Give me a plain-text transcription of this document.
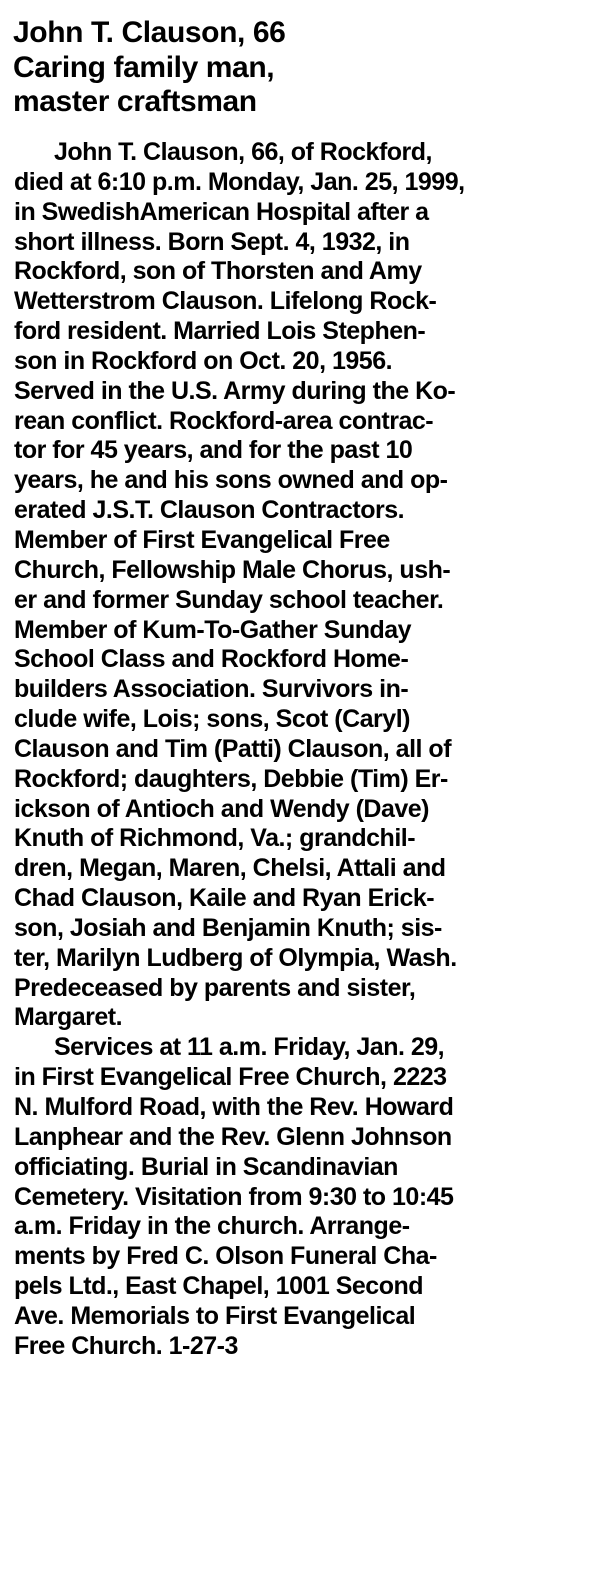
John T. Clauson, 66
Caring family man,
master craftsman

John T. Clauson, 66, of Rockford,
died at 6:10 p.m. Monday, Jan. 25, 1999,
in SwedishAmerican Hospital after a
short illness. Born Sept. 4, 1932, in
Rockford, son of Thorsten and Amy
Wetterstrom Clauson. Lifelong Rock-
ford resident. Married Lois Stephen-
son in Rockford on Oct. 20, 1956.
Served in the U.S. Army during the Ko-
rean conflict. Rockford-area contrac-
tor for 45 years, and for the past 10
years, he and his sons owned and op-
erated J.S.T. Clauson Contractors.
Member of First Evangelical Free
Church, Fellowship Male Chorus, ush-
er and former Sunday school teacher.
Member of Kum-To-Gather Sunday
School Class and Rockford Home-
builders Association. Survivors in-
clude wife, Lois; sons, Scot (Caryl)
Clauson and Tim (Patti) Clauson, all of
Rockford; daughters, Debbie (Tim) Er-
ickson of Antioch and Wendy (Dave)
Knuth of Richmond, Va.; grandchil-
dren, Megan, Maren, Chelsi, Attali and
Chad Clauson, Kaile and Ryan Erick-
son, Josiah and Benjamin Knuth; sis-
ter, Marilyn Ludberg of Olympia, Wash.
Predeceased by parents and sister,
Margaret.

Services at 11 a.m. Friday, Jan. 29,
in First Evangelical Free Church, 2223
N. Mulford Road, with the Rev. Howard
Lanphear and the Rev. Glenn Johnson
officiating. Burial in Scandinavian
Cemetery. Visitation from 9:30 to 10:45
a.m. Friday in the church. Arrange-
ments by Fred C. Olson Funeral Cha-
pels Ltd., East Chapel, 1001 Second
Ave. Memorials to First Evangelical
Free Church. 1-27-3
